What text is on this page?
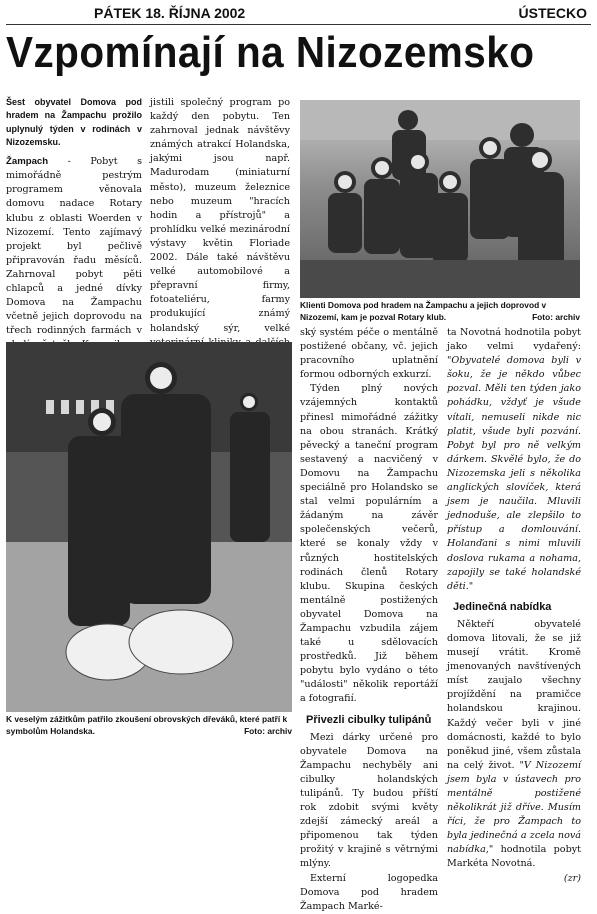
PÁTEK 18. ŘÍJNA 2002	ÚSTECKO
Vzpomínají na Nizozemsko
Šest obyvatel Domova pod hradem na Žampachu prožilo uplynulý týden v rodinách v Nizozemsku.

Žampach - Pobyt s mimořádně pestrým programem věnovala domovu nadace Rotary klubu z oblasti Woerden v Nizozemí. Tento zajímavý projekt byl pečlivě připravován řadu měsíců. Zahrnoval pobyt pěti chlapců a jedné dívky Domova na Žampachu včetně jejich doprovodu na třech rodinných farmách v

jistili společný program po každý den pobytu. Ten zahrnoval jednak návštěvy známých atrakcí Holandska, jakými jsou např. Madurodam (miniaturní město), muzeum železnice nebo muzeum "hracích hodin a přístrojů" a prohlídku velké mezinárodní výstavy květin Floriade 2002. Dále také návštěvu velké automobilové a přepravní firmy, fotoateliéru, farmy produkující známý holandský sýr, velké

Klienti Domova pod hradem na Žampachu a jejich doprovod v Nizozemí, kam je pozval Rotary klub.	Foto: archiv
K veselým zážitkům patřilo zkoušení obrovských dřeváků, které patří k symbolům Holandska.	Foto: archiv

ský systém péče o mentálně postižené občany, vč. jejich pracovního uplatnění formou odborných exkurzí.

Týden plný nových vzájemných kontaktů přinesl mimořádné zážitky na obou stranách. Krátký pěvecký a taneční program sestavený a nacvičený v Domovu na Žampachu speciálně pro Holandsko se stal velmi populárním a žádaným na závěr společenských večerů, které se konaly vždy v různých hostitelských rodinách členů Rotary klubu. Skupina českých mentálně postižených obyvatel Domova na Žampachu vzbudila zájem také u sdělovacích prostředků. Již během pobytu bylo vydáno o této "události" několik reportáží a fotografií.

Přivezli cibulky tulipánů

Mezi dárky určené pro obyvatele Domova na Žampachu nechyběly ani cibulky holandských tulipánů. Ty budou příští rok zdobit svými květy zdejší zámecký areál a připomenou tak týden prožitý v krajině s větrnými mlýny.

Externí logopedka Domova pod hradem Žampach Marké-

ta Novotná hodnotila pobyt jako velmi vydařený: "Obyvatelé domova byli v šoku, že je někdo vůbec pozval. Měli ten týden jako pohádku, vždyť je všude vítali, nemuseli nikde nic platit, všude byli pozvání. Pobyt byl pro ně velkým dárkem. Skvělé bylo, že do Nizozemska jeli s několika anglických slovíček, která jsem je naučila. Mluvili jednoduše, ale zlepšilo to přístup a domlouvání. Holanďani s nimi mluvili doslova rukama a nohama, zapojily se také holandské děti."

Jedinečná nabídka

Někteří obyvatelé domova litovali, že se již musejí vrátit. Kromě jmenovaných navštívených míst zaujalo všechny projíždění na pramičce holandskou krajinou. Každý večer byli v jiné domácnosti, každé to bylo poněkud jiné, všem zůstala na celý život. "V Nizozemí jsem byla v ústavech pro mentálně postižené několikrát již dříve. Musím říci, že pro Žampach to byla jedinečná a zcela nová nabídka," hodnotila pobyt Markéta Novotná.

(zr)
